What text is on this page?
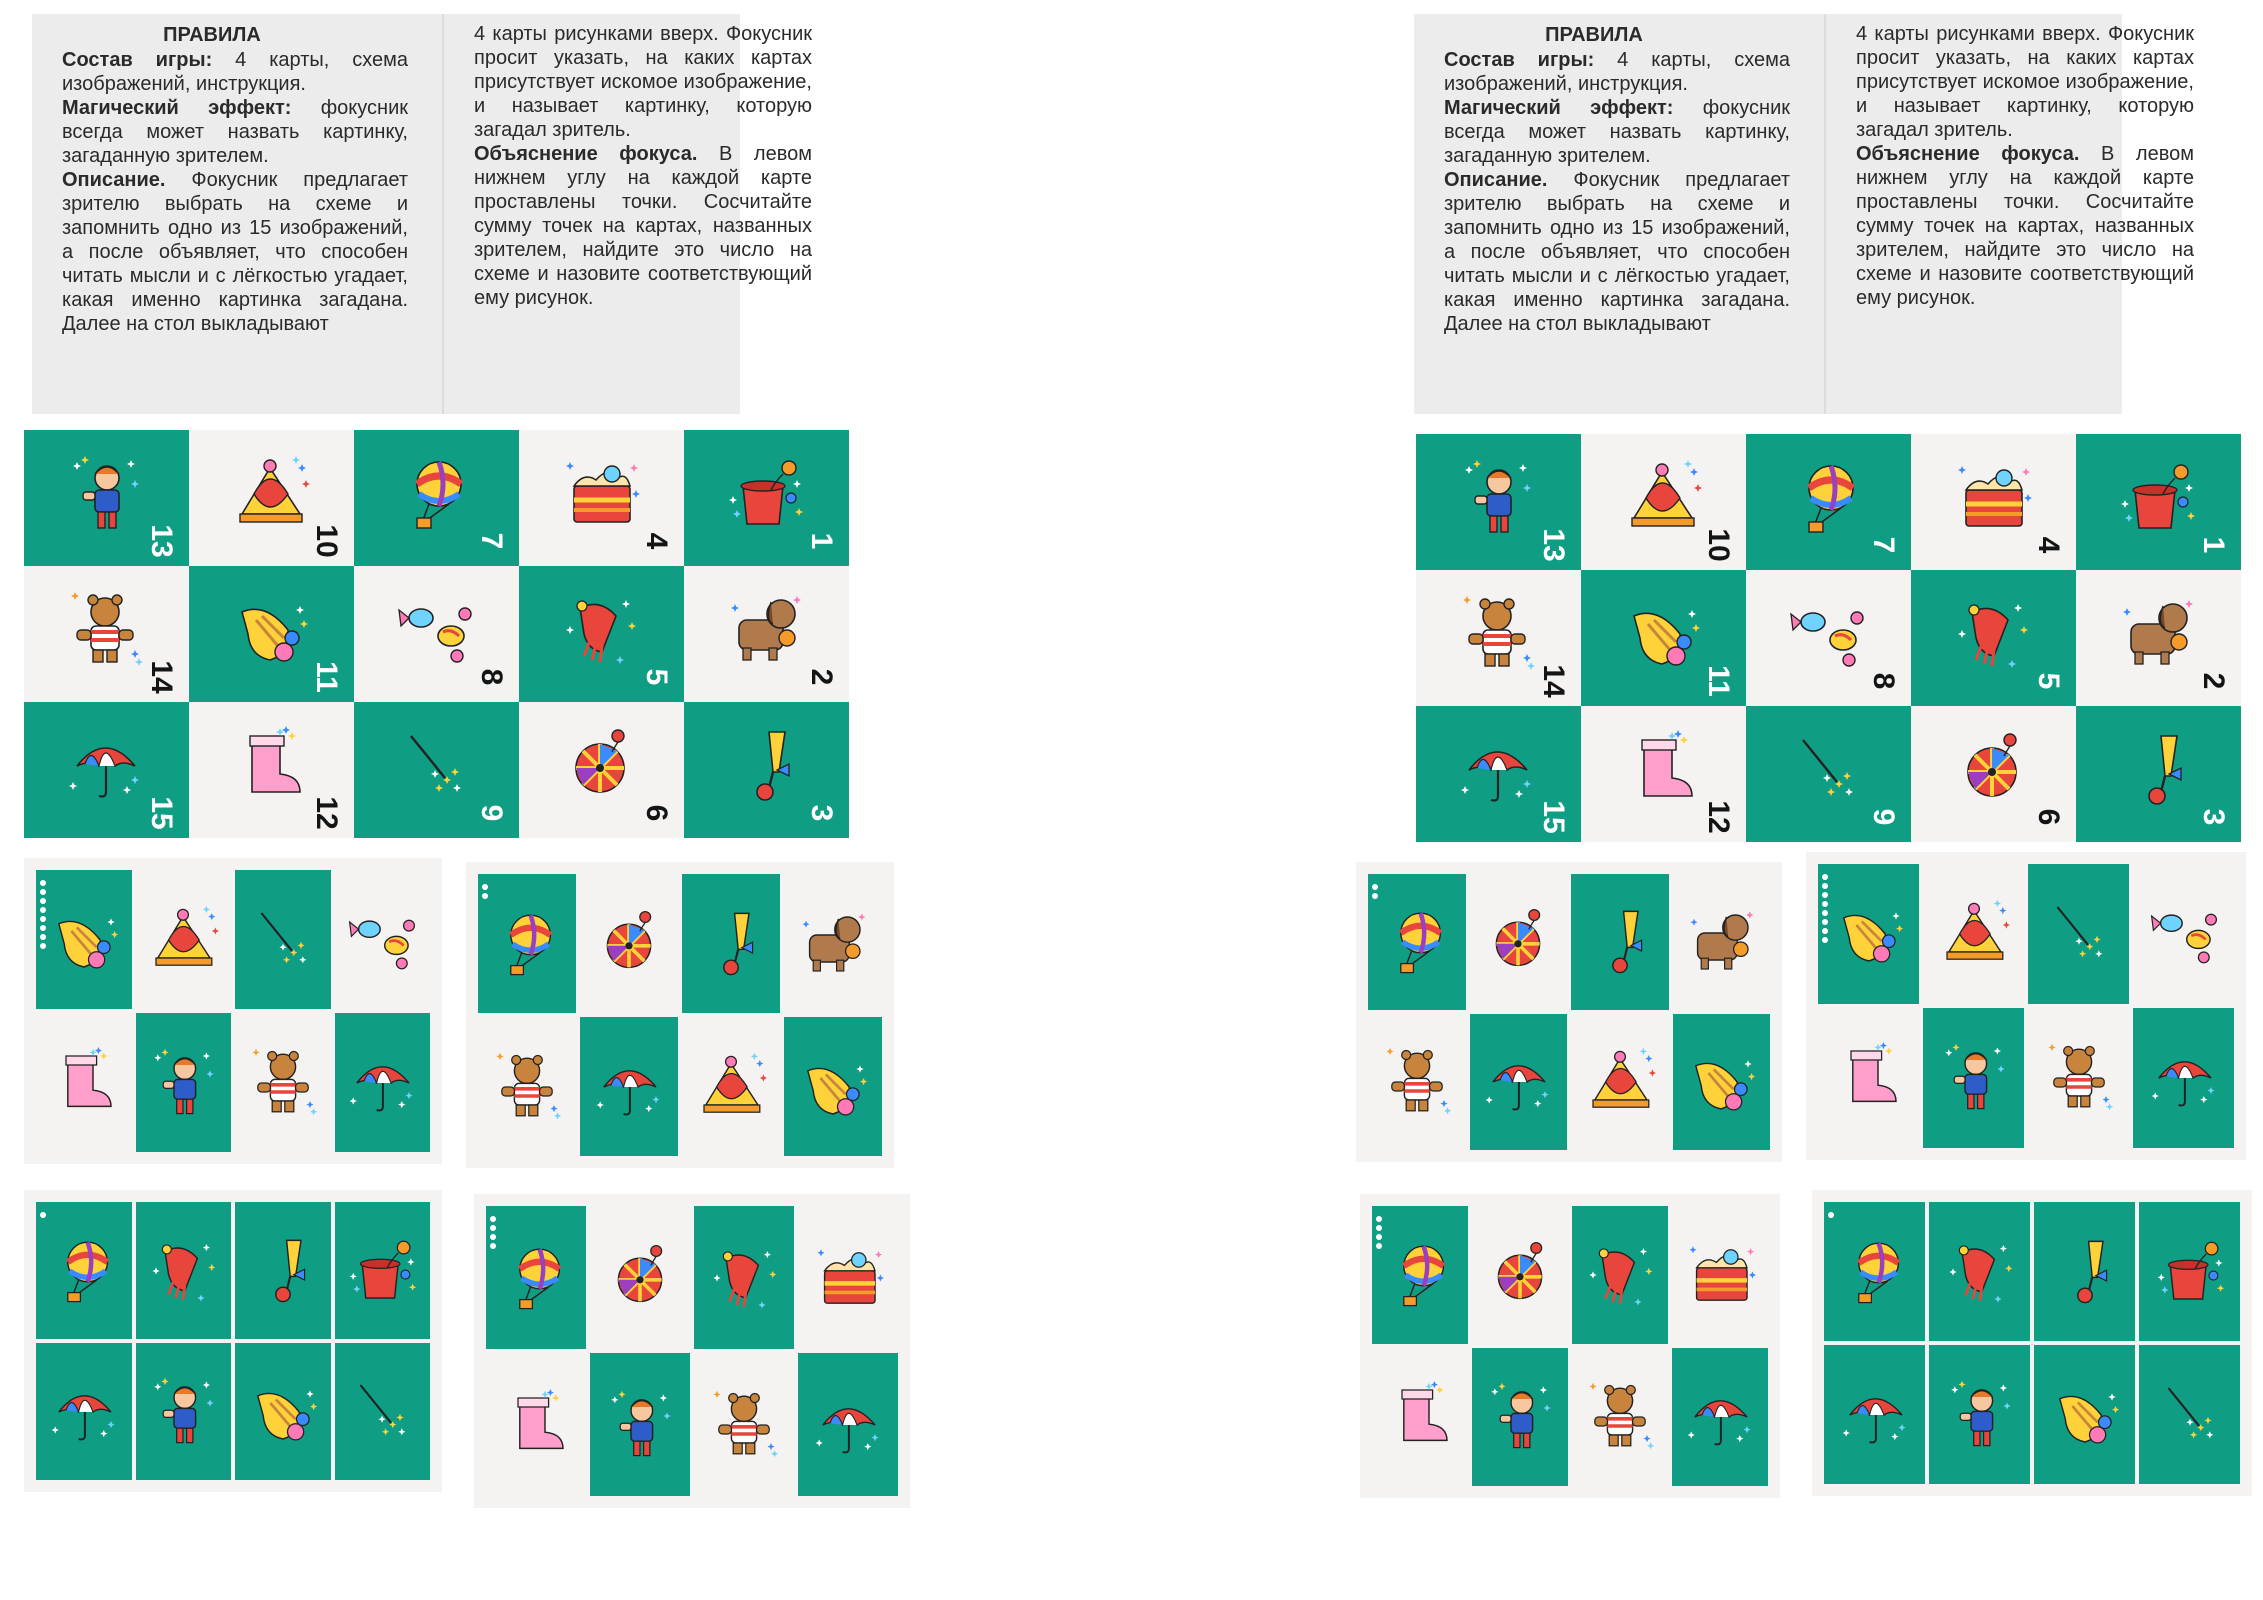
ПРАВИЛА
Состав игры: 4 карты, схема изображений, инструкция.
Магический эффект: фокусник всегда может назвать картинку, загаданную зрителем.
Описание. Фокусник предлагает зрителю выбрать на схеме и запомнить одно из 15 изображений, а после объявляет, что способен читать мысли и с лёгкостью угадает, какая именно картинка загадана. Далее на стол выкладывают
4 карты рисунками вверх. Фокусник просит указать, на каких картах присутствует искомое изображение, и называет картинку, которую загадал зритель.
Объяснение фокуса. В левом нижнем углу на каждой карте проставлены точки. Сосчитайте сумму точек на картах, названных зрителем, найдите это число на схеме и назовите соответствующий ему рисунок.
13	10	7	4	1
14	11	8	5	2
15	12	9	6	3
ПРАВИЛА
Состав игры: 4 карты, схема изображений, инструкция.
Магический эффект: фокусник всегда может назвать картинку, загаданную зрителем.
Описание. Фокусник предлагает зрителю выбрать на схеме и запомнить одно из 15 изображений, а после объявляет, что способен читать мысли и с лёгкостью угадает, какая именно картинка загадана. Далее на стол выкладывают
4 карты рисунками вверх. Фокусник просит указать, на каких картах присутствует искомое изображение, и называет картинку, которую загадал зритель.
Объяснение фокуса. В левом нижнем углу на каждой карте проставлены точки. Сосчитайте сумму точек на картах, названных зрителем, найдите это число на схеме и назовите соответствующий ему рисунок.
13	10	7	4	1
14	11	8	5	2
15	12	9	6	3
